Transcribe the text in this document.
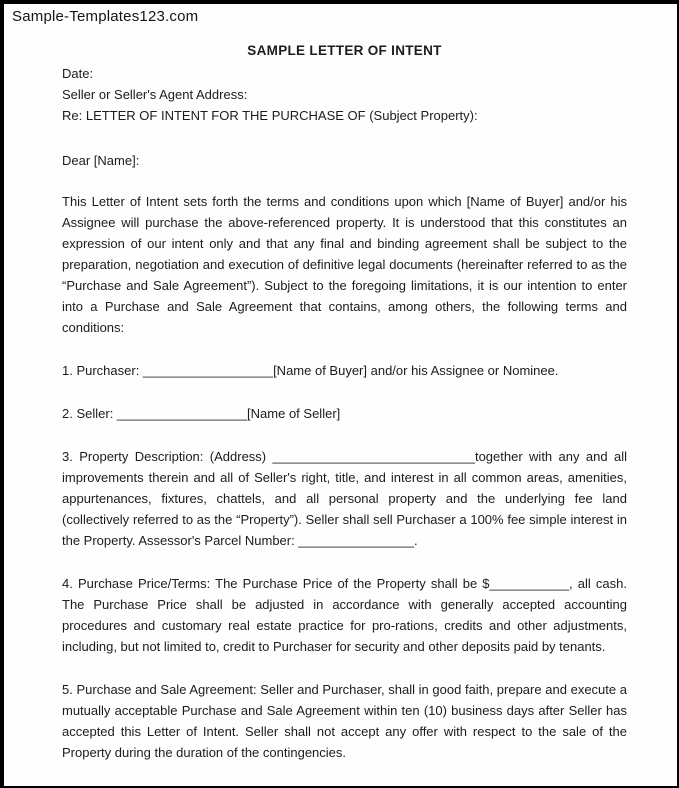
Sample-Templates123.com
SAMPLE LETTER OF INTENT
Date:
Seller or Seller's Agent Address:
Re: LETTER OF INTENT FOR THE PURCHASE OF (Subject Property):
Dear [Name]:

This Letter of Intent sets forth the terms and conditions upon which [Name of Buyer] and/or his Assignee will purchase the above-referenced property. It is understood that this constitutes an expression of our intent only and that any final and binding agreement shall be subject to the preparation, negotiation and execution of definitive legal documents (hereinafter referred to as the “Purchase and Sale Agreement”). Subject to the foregoing limitations, it is our intention to enter into a Purchase and Sale Agreement that contains, among others, the following terms and conditions:

1. Purchaser: __________________[Name of Buyer] and/or his Assignee or Nominee.

2. Seller: __________________[Name of Seller]

3. Property Description: (Address) ____________________________together with any and all improvements therein and all of Seller's right, title, and interest in all common areas, amenities, appurtenances, fixtures, chattels, and all personal property and the underlying fee land (collectively referred to as the “Property”). Seller shall sell Purchaser a 100% fee simple interest in the Property. Assessor's Parcel Number: ________________.

4. Purchase Price/Terms: The Purchase Price of the Property shall be $___________, all cash. The Purchase Price shall be adjusted in accordance with generally accepted accounting procedures and customary real estate practice for pro-rations, credits and other adjustments, including, but not limited to, credit to Purchaser for security and other deposits paid by tenants.

5. Purchase and Sale Agreement: Seller and Purchaser, shall in good faith, prepare and execute a mutually acceptable Purchase and Sale Agreement within ten (10) business days after Seller has accepted this Letter of Intent. Seller shall not accept any offer with respect to the sale of the Property during the duration of the contingencies.
